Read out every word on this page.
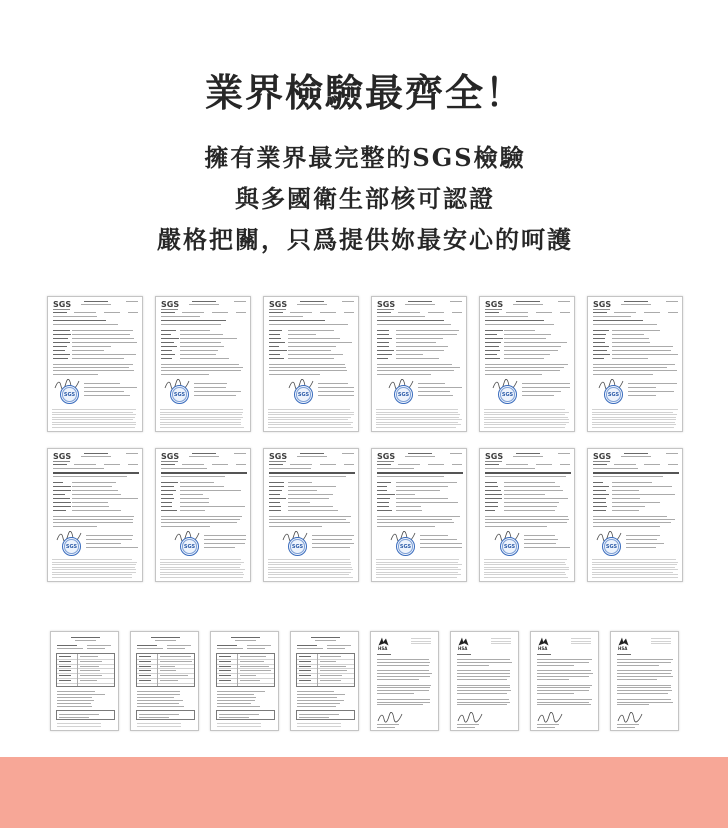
業界檢驗最齊全！
擁有業界最完整的SGS檢驗
與多國衛生部核可認證
嚴格把關，只爲提供妳最安心的呵護
SGS
SGS
SGS
SGS
SGS
SGS
SGS
SGS
SGS
SGS
SGS
SGS
SGS
SGS
SGS
SGS
SGS
SGS
SGS
SGS
SGS
SGS
SGS
SGS
HSA	HSA	HSA	HSA
